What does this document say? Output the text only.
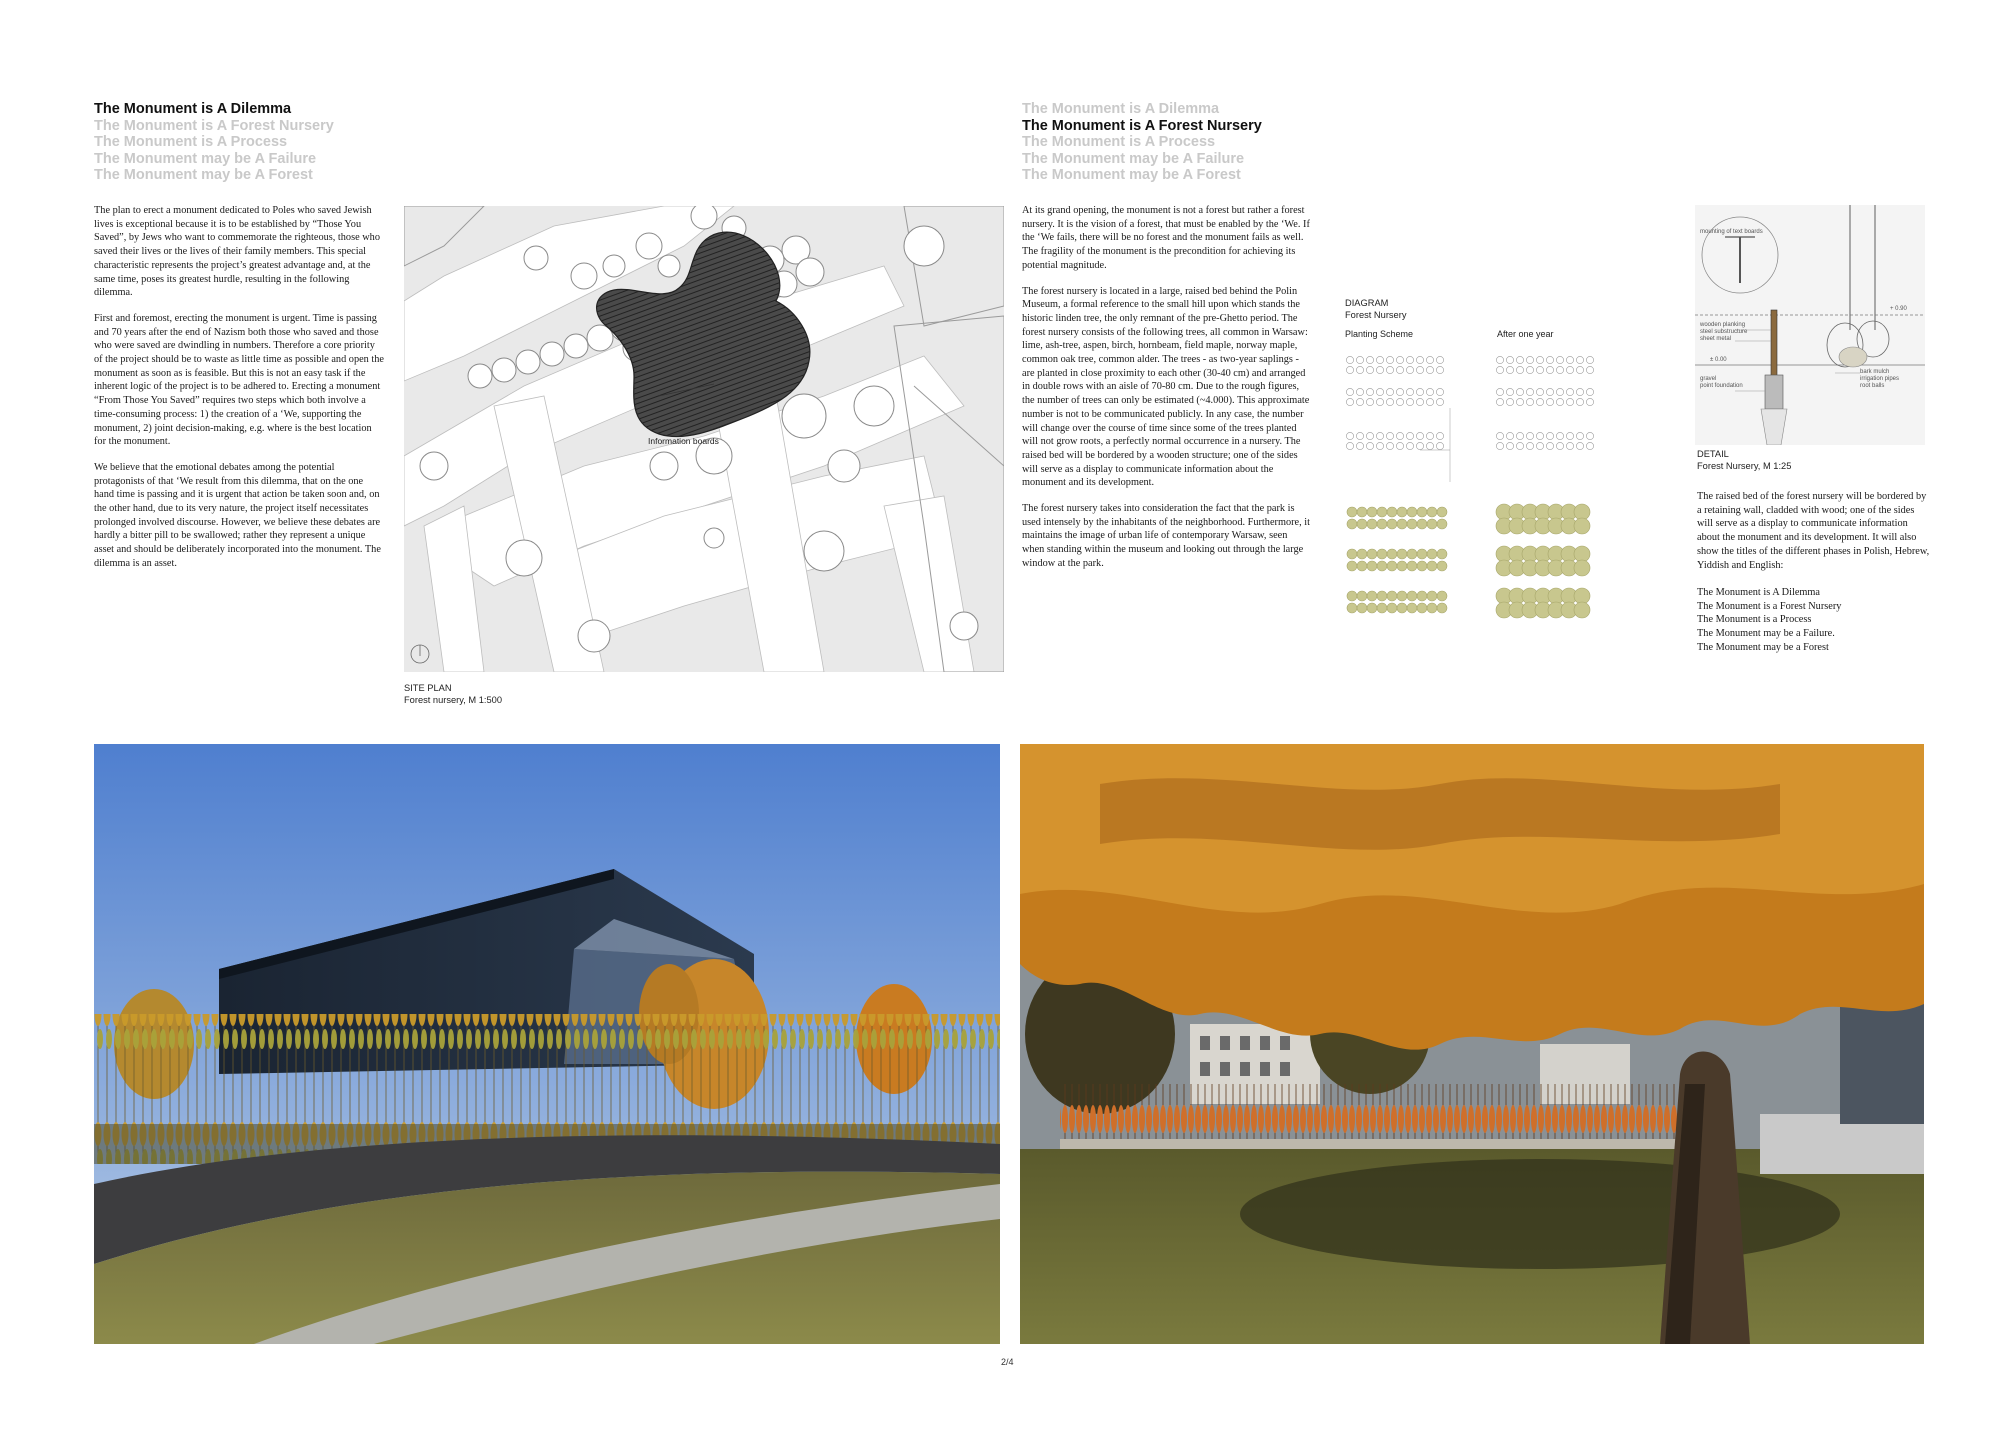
The Monument is A Dilemma
The Monument is A Forest Nursery
The Monument is A Process
The Monument may be A Failure
The Monument may be A Forest

The plan to erect a monument dedicated to Poles who saved Jewish lives is exceptional because it is to be established by “Those You Saved”, by Jews who want to commemorate the righteous, those who saved their lives or the lives of their family members. This special characteristic represents the project’s greatest advantage and, at the same time, poses its greatest hurdle, resulting in the following dilemma.

First and foremost, erecting the monument is urgent. Time is passing and 70 years after the end of Nazism both those who saved and those who were saved are dwindling in numbers. Therefore a core priority of the project should be to waste as little time as possible and open the monument as soon as is feasible. But this is not an easy task if the inherent logic of the project is to be adhered to. Erecting a monument “From Those You Saved” requires two steps which both involve a time-consuming process: 1) the creation of a ‘We, supporting the monument, 2) joint decision-making, e.g. where is the best location for the monument.

We believe that the emotional debates among the potential protagonists of that ‘We result from this dilemma, that on the one hand time is passing and it is urgent that action be taken soon and, on the other hand, due to its very nature, the project itself necessitates prolonged involved discourse. However, we believe these debates are hardly a bitter pill to be swallowed; rather they represent a unique asset and should be deliberately incorporated into the monument. The dilemma is an asset.

Information boards
SITE PLAN
Forest nursery, M 1:500
The Monument is A Dilemma
The Monument is A Forest Nursery
The Monument is A Process
The Monument may be A Failure
The Monument may be A Forest

At its grand opening, the monument is not a forest but rather a forest nursery. It is the vision of a forest, that must be enabled by the ‘We. If the ‘We fails, there will be no forest and the monument fails as well. The fragility of the monument is the precondition for achieving its potential magnitude.

The forest nursery is located in a large, raised bed behind the Polin Museum, a formal reference to the small hill upon which stands the historic linden tree, the only remnant of the pre-Ghetto period. The forest nursery consists of the following trees, all common in Warsaw: lime, ash-tree, aspen, birch, hornbeam, field maple, norway maple, common oak tree, common alder. The trees - as two-year saplings - are planted in close proximity to each other (30-40 cm) and arranged in double rows with an aisle of 70-80 cm. Due to the rough figures, the number of trees can only be estimated (~4.000). This approximate number is not to be communicated publicly. In any case, the number will change over the course of time since some of the trees planted will not grow roots, a perfectly normal occurrence in a nursery. The raised bed will be bordered by a wooden structure; one of the sides will serve as a display to communicate information about the monument and its development.

The forest nursery takes into consideration the fact that the park is used intensely by the inhabitants of the neighborhood. Furthermore, it maintains the image of urban life of contemporary Warsaw, seen when standing within the museum and looking out through the large window at the park.

DIAGRAM
Forest Nursery
Planting Scheme	After one year
mounting of text boards
wooden planking
steel substructure
sheet metal
gravel
point foundation
bark mulch
irrigation pipes
root balls
+ 0.90
± 0.00
DETAIL
Forest Nursery, M 1:25

The raised bed of the forest nursery will be bordered by a retaining wall, cladded with wood; one of the sides will serve as a display to communicate information about the monument and its development. It will also show the titles of the different phases in Polish, Hebrew, Yiddish and English:

The Monument is A Dilemma
The Monument is a Forest Nursery
The Monument is a Process
The Monument may be a Failure.
The Monument may be a Forest
2/4
